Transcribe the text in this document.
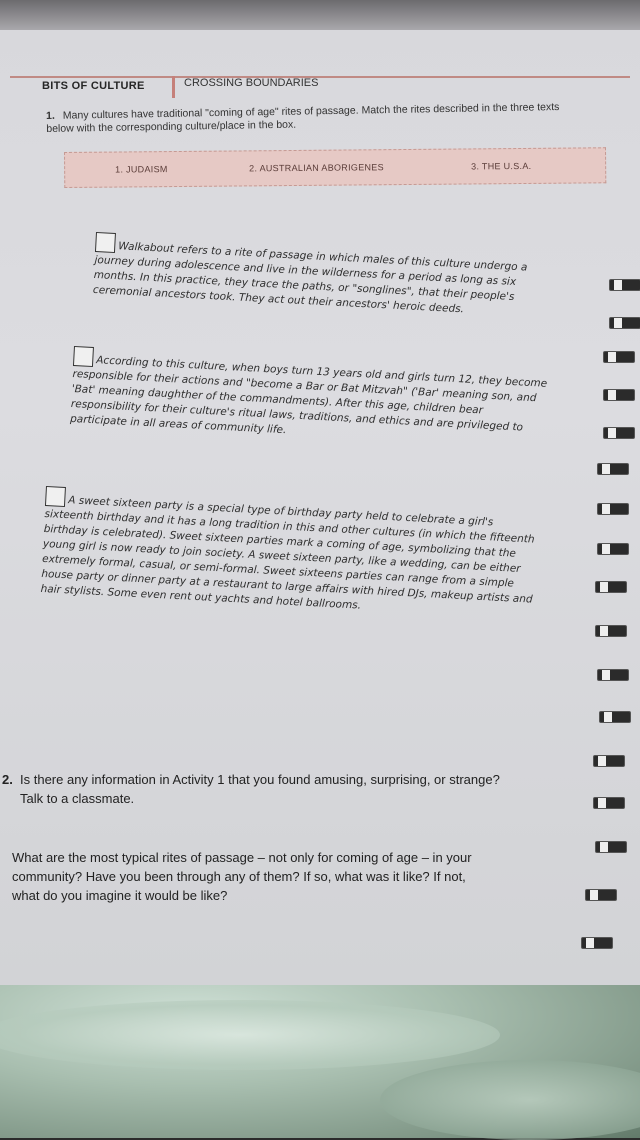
BITS OF CULTURE	CROSSING BOUNDARIES
1. Many cultures have traditional "coming of age" rites of passage. Match the rites described in the three texts below with the corresponding culture/place in the box.
1. JUDAISM	2. AUSTRALIAN ABORIGENES	3. THE U.S.A.
Walkabout refers to a rite of passage in which males of this culture undergo a journey during adolescence and live in the wilderness for a period as long as six months. In this practice, they trace the paths, or "songlines", that their people's ceremonial ancestors took. They act out their ancestors' heroic deeds.
According to this culture, when boys turn 13 years old and girls turn 12, they become responsible for their actions and "become a Bar or Bat Mitzvah" ('Bar' meaning son, and 'Bat' meaning daughther of the commandments). After this age, children bear responsibility for their culture's ritual laws, traditions, and ethics and are privileged to participate in all areas of community life.
A sweet sixteen party is a special type of birthday party held to celebrate a girl's sixteenth birthday and it has a long tradition in this and other cultures (in which the fifteenth birthday is celebrated). Sweet sixteen parties mark a coming of age, symbolizing that the young girl is now ready to join society. A sweet sixteen party, like a wedding, can be either extremely formal, casual, or semi-formal. Sweet sixteens parties can range from a simple house party or dinner party at a restaurant to large affairs with hired DJs, makeup artists and hair stylists. Some even rent out yachts and hotel ballrooms.
2. Is there any information in Activity 1 that you found amusing, surprising, or strange? Talk to a classmate.
What are the most typical rites of passage – not only for coming of age – in your community? Have you been through any of them? If so, what was it like? If not, what do you imagine it would be like?
